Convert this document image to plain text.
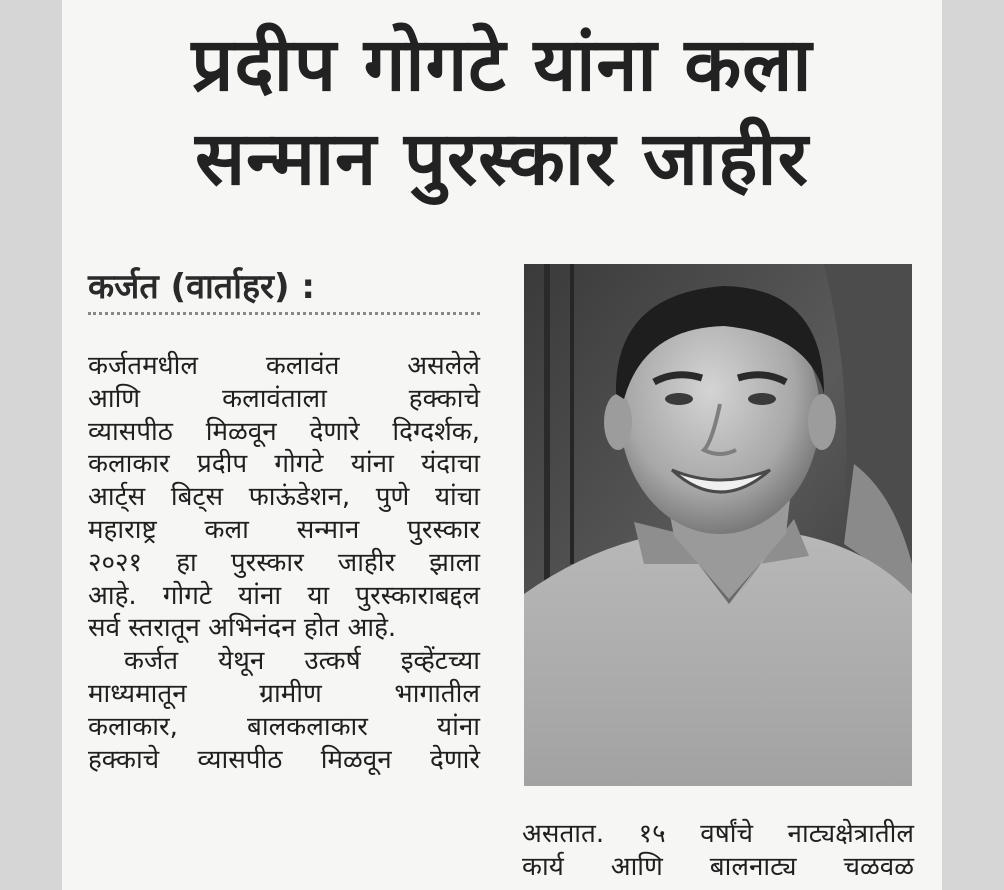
प्रदीप गोगटे यांना कला
सन्मान पुरस्कार जाहीर
कर्जत (वार्ताहर) :
कर्जतमधील कलावंत असलेले
आणि कलावंताला हक्काचे
व्यासपीठ मिळवून देणारे दिग्दर्शक,
कलाकार प्रदीप गोगटे यांना यंदाचा
आर्ट्स बिट्स फाऊंडेशन, पुणे यांचा
महाराष्ट्र कला सन्मान पुरस्कार
२०२१ हा पुरस्कार जाहीर झाला
आहे. गोगटे यांना या पुरस्काराबद्दल
सर्व स्तरातून अभिनंदन होत आहे.
कर्जत येथून उत्कर्ष इव्हेंटच्या
माध्यमातून ग्रामीण भागातील
कलाकार, बालकलाकार यांना
हक्काचे व्यासपीठ मिळवून देणारे
असतात. १५ वर्षांचे नाट्यक्षेत्रातील
कार्य आणि बालनाट्य चळवळ
